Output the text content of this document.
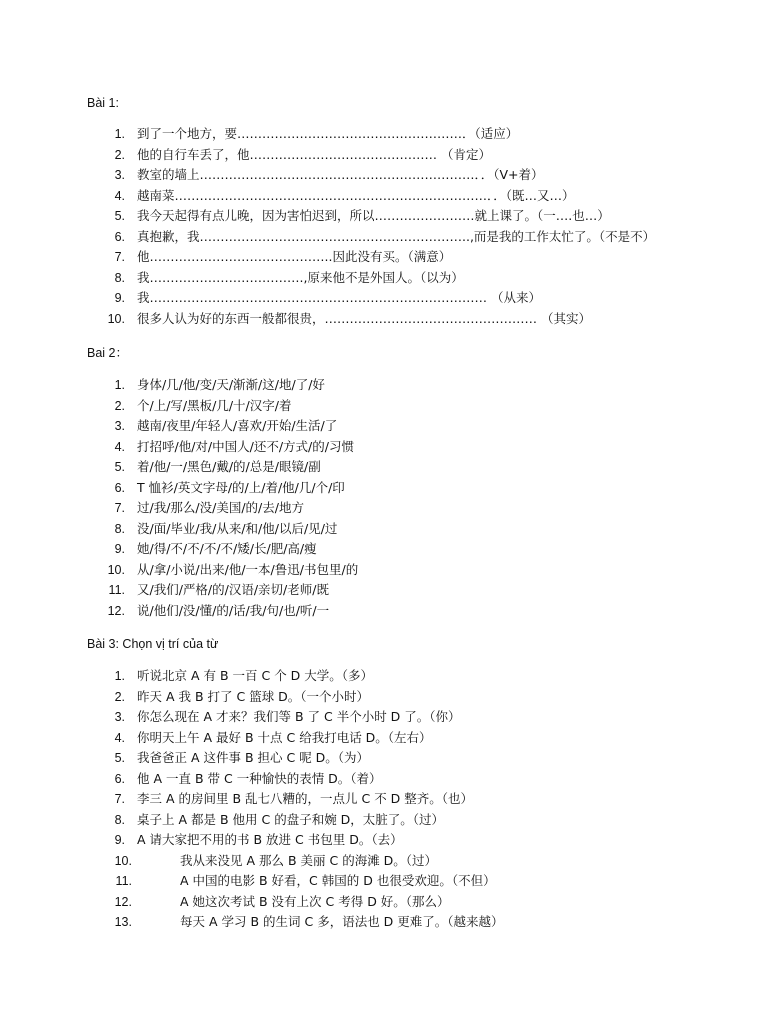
Bài 1:
1. 到了一个地方，要………………………………………………．（适应）
2. 他的自行车丢了，他……………………………………… （肯定）
3. 教室的墙上…………………………………………………………．．（V+着）
4. 越南菜…………………………………………………………………．．（既…又…）
5. 我今天起得有点儿晚，因为害怕迟到，所以……………………就上课了。（一….也…）
6. 真抱歉，我………………………………………………………..,而是我的工作太忙了。（不是不）
7. 他……………………………………..因此没有买。（满意）
8. 我……………………………….,原来他不是外国人。（以为）
9. 我……………………………………………………………………… （从来）
10. 很多人认为好的东西一般都很贵，…………………………………………… （其实）
Bai 2：
1. 身体/几/他/变/天/渐渐/这/地/了/好
2. 个/上/写/黑板/几/十/汉字/着
3. 越南/夜里/年轻人/喜欢/开始/生活/了
4. 打招呼/他/对/中国人/还不/方式/的/习惯
5. 着/他/一/黑色/戴/的/总是/眼镜/副
6. T 恤衫/英文字母/的/上/着/他/几/个/印
7. 过/我/那么/没/美国/的/去/地方
8. 没/面/毕业/我/从来/和/他/以后/见/过
9. 她/得/不/不/不/不/矮/长/肥/高/瘦
10. 从/拿/小说/出来/他/一本/鲁迅/书包里/的
11. 又/我们/严格/的/汉语/亲切/老师/既
12. 说/他们/没/懂/的/话/我/句/也/听/一
Bài 3: Chọn vị trí của từ
1. 听说北京 A 有 B 一百 C 个 D 大学。（多）
2. 昨天 A 我 B 打了 C 篮球 D。（一个小时）
3. 你怎么现在 A 才来？我们等 B 了 C 半个小时 D 了。（你）
4. 你明天上午 A 最好 B 十点 C 给我打电话 D。（左右）
5. 我爸爸正 A 这件事 B 担心 C 呢 D。（为）
6. 他 A 一直 B 带 C 一种愉快的表情 D。（着）
7. 李三 A 的房间里 B 乱七八糟的，一点儿 C 不 D 整齐。（也）
8. 桌子上 A 都是 B 他用 C 的盘子和婉 D，太脏了。（过）
9. A 请大家把不用的书 B 放进 C 书包里 D。（去）
10.	我从来没见 A 那么 B 美丽 C 的海滩 D。（过）
11.	A 中国的电影 B 好看，C 韩国的 D 也很受欢迎。（不但）
12.	A 她这次考试 B 没有上次 C 考得 D 好。（那么）
13.	每天 A 学习 B 的生词 C 多，语法也 D 更难了。（越来越）
